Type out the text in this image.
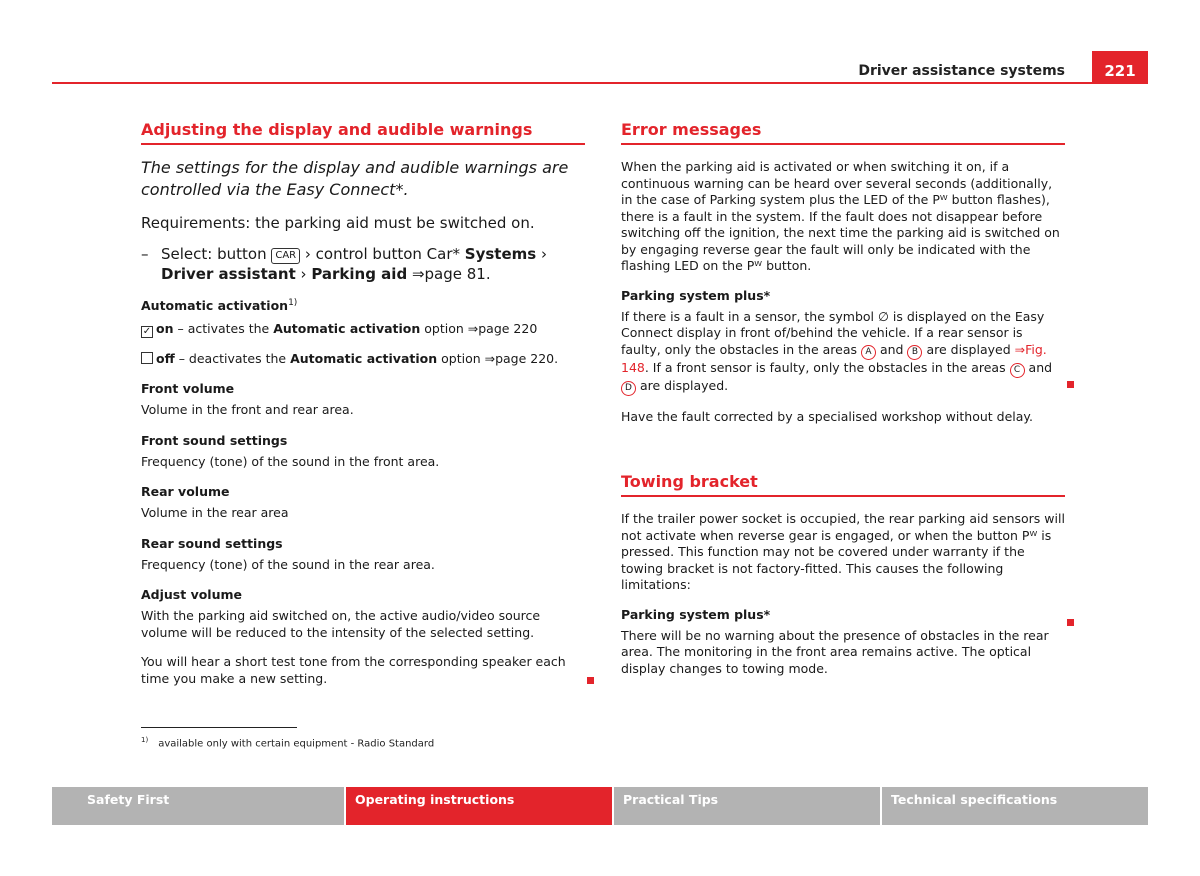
Driver assistance systems	221
Adjusting the display and audible warnings

The settings for the display and audible warnings are controlled via the Easy Connect*.

Requirements: the parking aid must be switched on.

– Select: button CAR › control button Car* Systems › Driver assistant › Parking aid ⇒page 81.

Automatic activation$^{1)}$

✓ on – activates the Automatic activation option ⇒page 220

off – deactivates the Automatic activation option ⇒page 220.

Front volume

Volume in the front and rear area.

Front sound settings

Frequency (tone) of the sound in the front area.

Rear volume

Volume in the rear area

Rear sound settings

Frequency (tone) of the sound in the rear area.

Adjust volume

With the parking aid switched on, the active audio/video source volume will be reduced to the intensity of the selected setting.

You will hear a short test tone from the corresponding speaker each time you make a new setting.

Error messages

When the parking aid is activated or when switching it on, if a continuous warning can be heard over several seconds (additionally, in the case of Parking system plus the LED of the Pᵂ button flashes), there is a fault in the system. If the fault does not disappear before switching off the ignition, the next time the parking aid is switched on by engaging reverse gear the fault will only be indicated with the flashing LED on the Pᵂ button.

Parking system plus*

If there is a fault in a sensor, the symbol ∅ is displayed on the Easy Connect display in front of/behind the vehicle. If a rear sensor is faulty, only the obstacles in the areas A and B are displayed ⇒Fig. 148. If a front sensor is faulty, only the obstacles in the areas C and D are displayed.

Have the fault corrected by a specialised workshop without delay.

Towing bracket

If the trailer power socket is occupied, the rear parking aid sensors will not activate when reverse gear is engaged, or when the button Pᵂ is pressed. This function may not be covered under warranty if the towing bracket is not factory-fitted. This causes the following limitations:

Parking system plus*

There will be no warning about the presence of obstacles in the rear area. The monitoring in the front area remains active. The optical display changes to towing mode.

$^{1)}$ available only with certain equipment - Radio Standard
Safety First	Operating instructions	Practical Tips	Technical specifications
